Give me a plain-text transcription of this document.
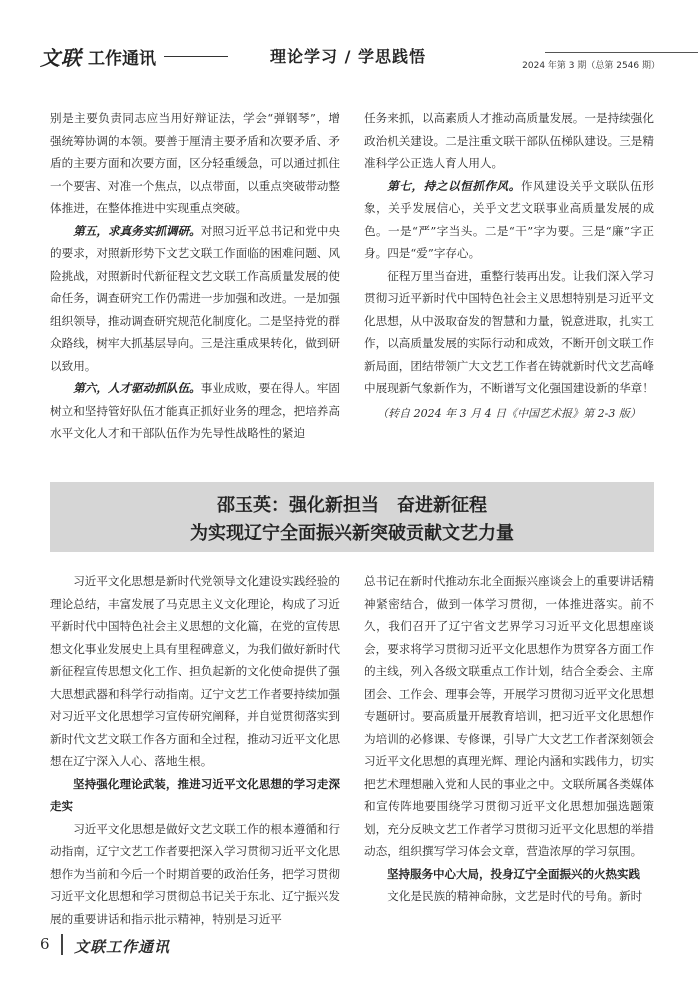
文联 工作通讯	理论学习 / 学思践悟	2024 年第 3 期（总第 2546 期）

别是主要负责同志应当用好辩证法，学会“弹钢琴”，增强统筹协调的本领。要善于厘清主要矛盾和次要矛盾、矛盾的主要方面和次要方面，区分轻重缓急，可以通过抓住一个要害、对准一个焦点，以点带面，以重点突破带动整体推进，在整体推进中实现重点突破。

第五，求真务实抓调研。对照习近平总书记和党中央的要求，对照新形势下文艺文联工作面临的困难问题、风险挑战，对照新时代新征程文艺文联工作高质量发展的使命任务，调查研究工作仍需进一步加强和改进。一是加强组织领导，推动调查研究规范化制度化。二是坚持党的群众路线，树牢大抓基层导向。三是注重成果转化，做到研以致用。

第六，人才驱动抓队伍。事业成败，要在得人。牢固树立和坚持管好队伍才能真正抓好业务的理念，把培养高水平文化人才和干部队伍作为先导性战略性的紧迫

任务来抓，以高素质人才推动高质量发展。一是持续强化政治机关建设。二是注重文联干部队伍梯队建设。三是精准科学公正选人育人用人。

第七，持之以恒抓作风。作风建设关乎文联队伍形象，关乎发展信心，关乎文艺文联事业高质量发展的成色。一是“严”字当头。二是“干”字为要。三是“廉”字正身。四是“爱”字存心。

征程万里当奋进，重整行装再出发。让我们深入学习贯彻习近平新时代中国特色社会主义思想特别是习近平文化思想，从中汲取奋发的智慧和力量，锐意进取，扎实工作，以高质量发展的实际行动和成效，不断开创文联工作新局面，团结带领广大文艺工作者在铸就新时代文艺高峰中展现新气象新作为，不断谱写文化强国建设新的华章！

（转自 2024 年 3 月 4 日《中国艺术报》第 2-3 版）
邵玉英：强化新担当　奋进新征程
为实现辽宁全面振兴新突破贡献文艺力量

习近平文化思想是新时代党领导文化建设实践经验的理论总结，丰富发展了马克思主义文化理论，构成了习近平新时代中国特色社会主义思想的文化篇，在党的宣传思想文化事业发展史上具有里程碑意义，为我们做好新时代新征程宣传思想文化工作、担负起新的文化使命提供了强大思想武器和科学行动指南。辽宁文艺工作者要持续加强对习近平文化思想学习宣传研究阐释，并自觉贯彻落实到新时代文艺文联工作各方面和全过程，推动习近平文化思想在辽宁深入人心、落地生根。

坚持强化理论武装，推进习近平文化思想的学习走深走实

习近平文化思想是做好文艺文联工作的根本遵循和行动指南，辽宁文艺工作者要把深入学习贯彻习近平文化思想作为当前和今后一个时期首要的政治任务，把学习贯彻习近平文化思想和学习贯彻总书记关于东北、辽宁振兴发展的重要讲话和指示批示精神，特别是习近平

总书记在新时代推动东北全面振兴座谈会上的重要讲话精神紧密结合，做到一体学习贯彻，一体推进落实。前不久，我们召开了辽宁省文艺界学习习近平文化思想座谈会，要求将学习贯彻习近平文化思想作为贯穿各方面工作的主线，列入各级文联重点工作计划，结合全委会、主席团会、工作会、理事会等，开展学习贯彻习近平文化思想专题研讨。要高质量开展教育培训，把习近平文化思想作为培训的必修课、专修课，引导广大文艺工作者深刻领会习近平文化思想的真理光辉、理论内涵和实践伟力，切实把艺术理想融入党和人民的事业之中。文联所属各类媒体和宣传阵地要围绕学习贯彻习近平文化思想加强选题策划，充分反映文艺工作者学习贯彻习近平文化思想的举措动态，组织撰写学习体会文章，营造浓厚的学习氛围。

坚持服务中心大局，投身辽宁全面振兴的火热实践

文化是民族的精神命脉，文艺是时代的号角。新时

6 文联工作通讯
